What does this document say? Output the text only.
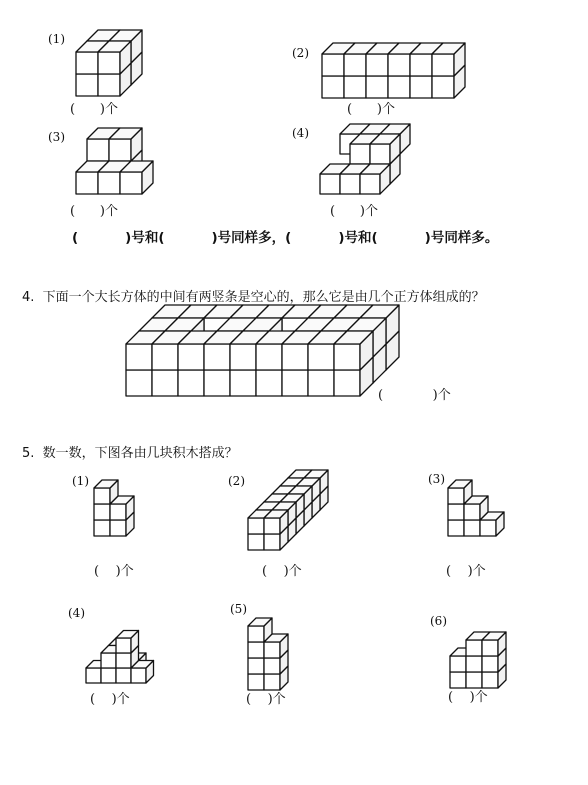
(1)
(      )个
(2)
(      )个
(3)
(      )个
(4)
(      )个
(          )号和(          )号同样多，(          )号和(          )号同样多。
4.  下面一个大长方体的中间有两竖条是空心的，那么它是由几个正方体组成的？
(            )个
5.  数一数，下图各由几块积木搭成？
(1)
(    )个
(2)
(    )个
(3)
(    )个
(4)
(    )个
(5)
(    )个
(6)
(    )个
